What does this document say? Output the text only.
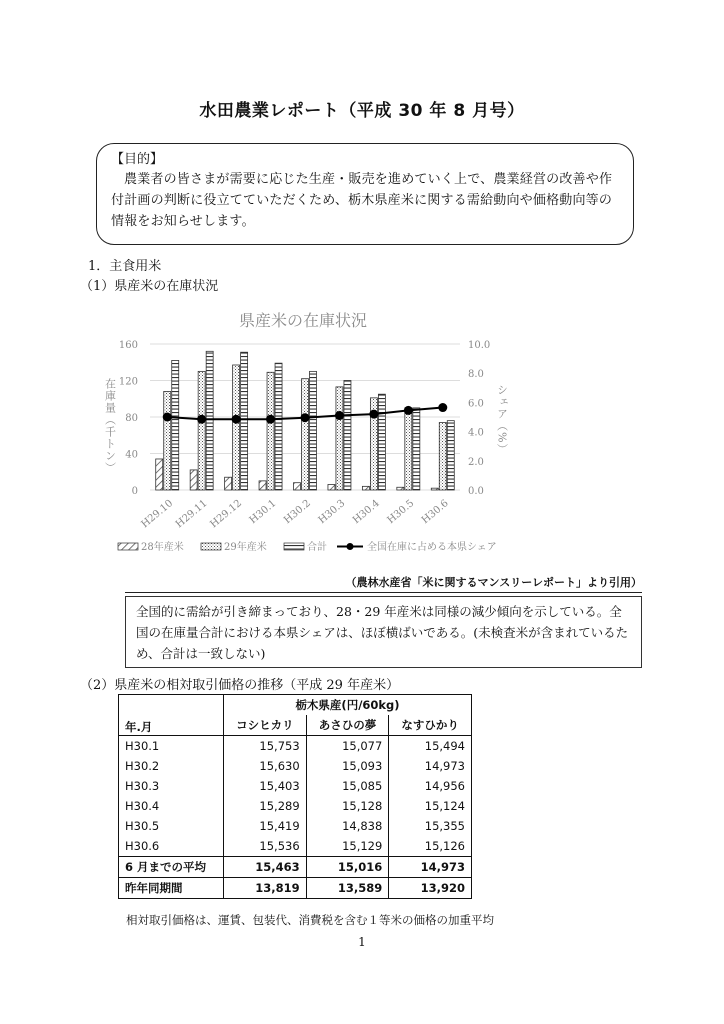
水田農業レポート（平成 30 年 8 月号）
【目的】
農業者の皆さまが需要に応じた生産・販売を進めていく上で、農業経営の改善や作付計画の判断に役立てていただくため、栃木県産米に関する需給動向や価格動向等の情報をお知らせします。
1．主食用米
（1）県産米の在庫状況
県産米の在庫状況
0
40
80
120
160
0.0
2.0
4.0
6.0
8.0
10.0
H29.10
H29.11
H29.12 H30.1 H30.2 H30.3 H30.4 H30.5 H30.6
在庫量（千トン）	シェア（%）
28年産米	29年産米	合計	全国在庫に占める本県シェア
（農林水産省「米に関するマンスリーレポート」より引用）
全国的に需給が引き締まっており、28・29 年産米は同様の減少傾向を示している。全国の在庫量合計における本県シェアは、ほぼ横ばいである。(未検査米が含まれているため、合計は一致しない)
（2）県産米の相対取引価格の推移（平成 29 年産米）
年.月	栃木県産(円/60kg)		
	コシヒカリ	あさひの夢	なすひかり
H30.1	15,753	15,077	15,494
H30.2	15,630	15,093	14,973
H30.3	15,403	15,085	14,956
H30.4	15,289	15,128	15,124
H30.5	15,419	14,838	15,355
H30.6	15,536	15,129	15,126
6 月までの平均	15,463	15,016	14,973
昨年同期間	13,819	13,589	13,920
相対取引価格は、運賃、包装代、消費税を含む１等米の価格の加重平均
1
